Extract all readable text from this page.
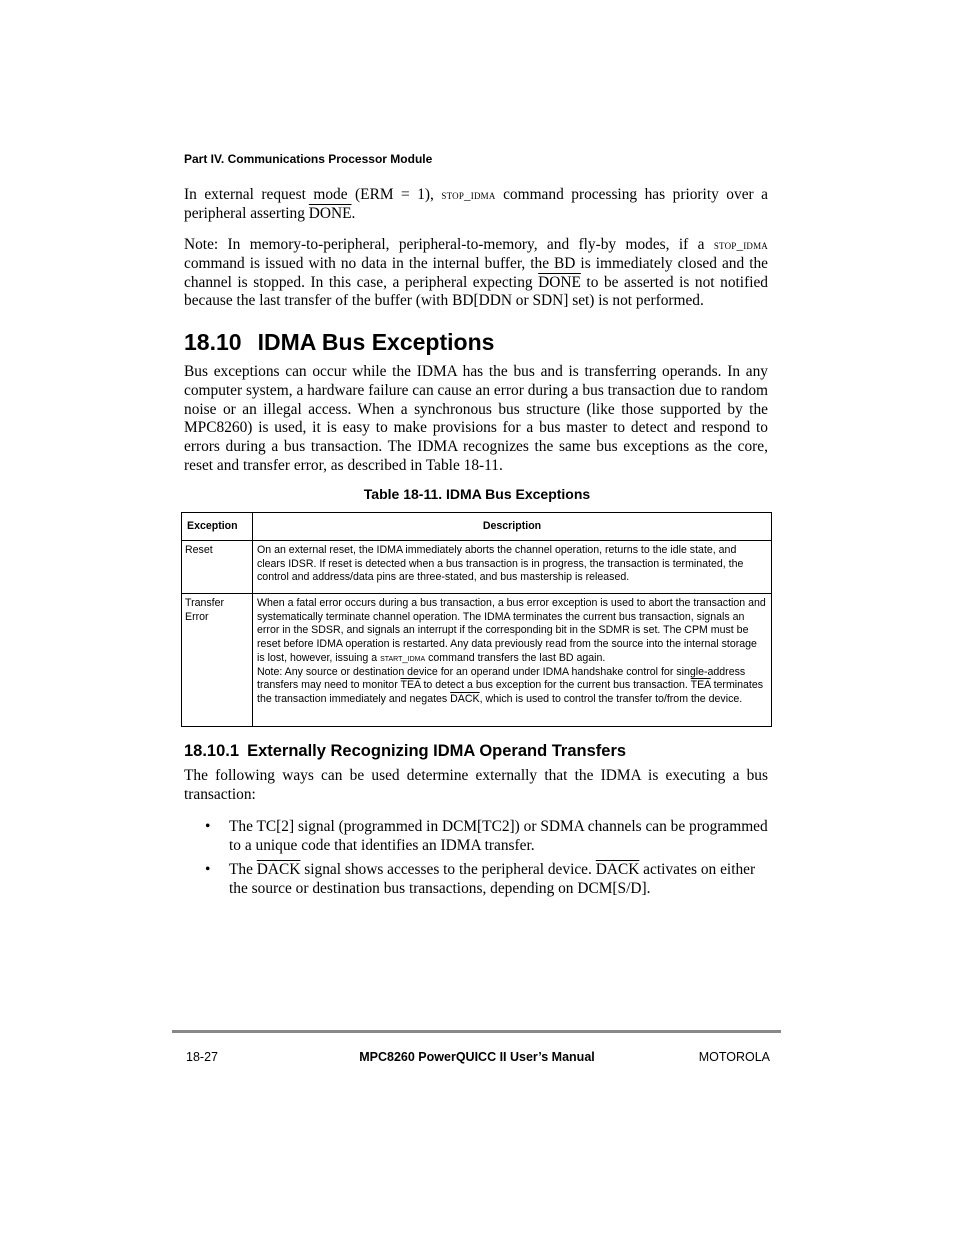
Part IV. Communications Processor Module
In external request mode (ERM = 1), stop_idma command processing has priority over a peripheral asserting DONE.
Note: In memory-to-peripheral, peripheral-to-memory, and fly-by modes, if a stop_idma command is issued with no data in the internal buffer, the BD is immediately closed and the channel is stopped. In this case, a peripheral expecting DONE to be asserted is not notified because the last transfer of the buffer (with BD[DDN or SDN] set) is not performed.
18.10 IDMA Bus Exceptions
Bus exceptions can occur while the IDMA has the bus and is transferring operands. In any computer system, a hardware failure can cause an error during a bus transaction due to random noise or an illegal access. When a synchronous bus structure (like those supported by the MPC8260) is used, it is easy to make provisions for a bus master to detect and respond to errors during a bus transaction. The IDMA recognizes the same bus exceptions as the core, reset and transfer error, as described in Table 18-11.
Table 18-11. IDMA Bus Exceptions
Exception	Description
Reset	On an external reset, the IDMA immediately aborts the channel operation, returns to the idle state, and clears IDSR. If reset is detected when a bus transaction is in progress, the transaction is terminated, the control and address/data pins are three-stated, and bus mastership is released.
Transfer
Error	When a fatal error occurs during a bus transaction, a bus error exception is used to abort the transaction and systematically terminate channel operation. The IDMA terminates the current bus transaction, signals an error in the SDSR, and signals an interrupt if the corresponding bit in the SDMR is set. The CPM must be reset before IDMA operation is restarted. Any data previously read from the source into the internal storage is lost, however, issuing a start_idma command transfers the last BD again.
Note: Any source or destination device for an operand under IDMA handshake control for single-address transfers may need to monitor $\overline{TEA}$ to detect a bus exception for the current bus transaction. $\overline{TEA}$ terminates the transaction immediately and negates DACK, which is used to control the transfer to/from the device.
18.10.1 Externally Recognizing IDMA Operand Transfers
The following ways can be used determine externally that the IDMA is executing a bus transaction:
• The TC[2] signal (programmed in DCM[TC2]) or SDMA channels can be programmed to a unique code that identifies an IDMA transfer.
• The DACK signal shows accesses to the peripheral device. DACK activates on either the source or destination bus transactions, depending on DCM[S/D].
18-27	MPC8260 PowerQUICC II User’s Manual	MOTOROLA
